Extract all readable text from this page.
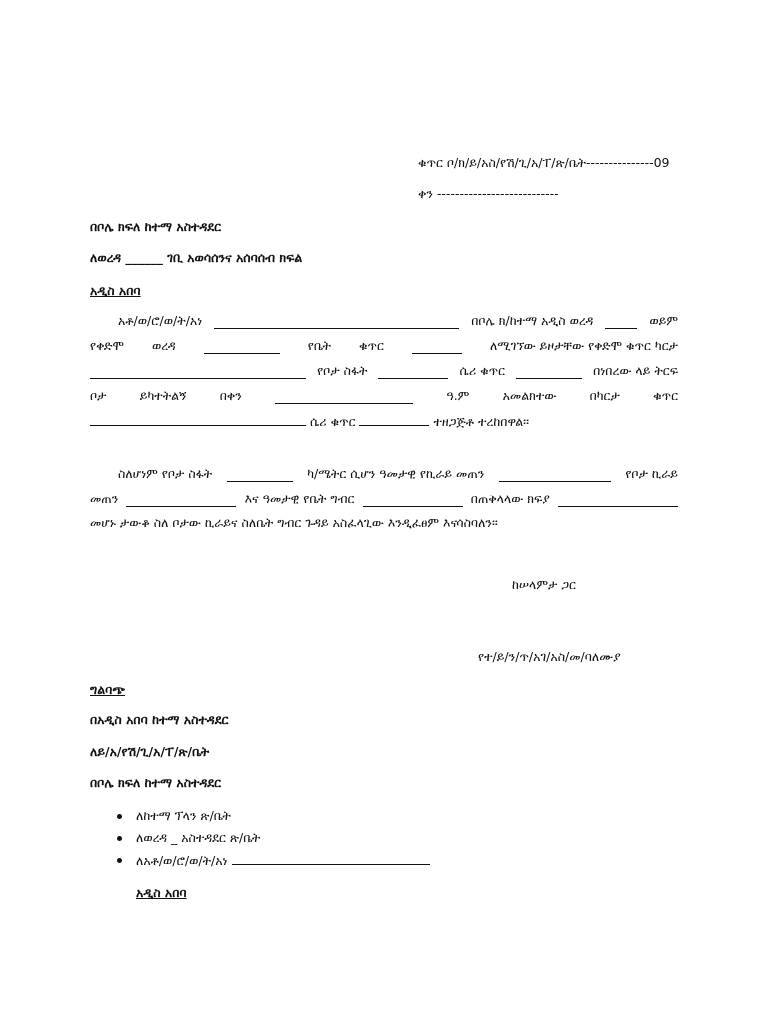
ቁጥር ቦ/ክ/ይ/አስ/የሽ/ጊ/አ/ፐ/ጽ/ቤት---------------09
ቀን ---------------------------
በቦሌ ክፍለ ከተማ አስተዳደር
ለወረዳ ______ ገቢ አወሳሰንና አሰባሰብ ክፍል
አዲስ አበባ
አቶ/ወ/ሮ/ወ/ት/አነ	በቦሌ ክ/ከተማ አዲስ ወረዳ	ወይም
የቀድሞ ወረዳ	የቤት ቁጥር	ለሚገኘው ይዞታቸው የቀድሞ ቁጥር ካርታ
የቦታ ስፋት	ሴሪ ቁጥር	በነበረው ላይ ትርፍ
ቦታ	ይካተትልኝ	በቀን	ዓ.ም	አመልክተው	በካርታ	ቁጥር
ሴሪ ቁጥር	ተዘጋጅቶ ተረከበዋል፡፡
ስለሆነም የቦታ ስፋት	ካ/ሜትር ሲሆን ዓመታዊ የኪራይ መጠን	የቦታ ኪራይ
መጠን	እና ዓመታዊ የቤት ግብር	በጠቅላላው ክፍያ
መሆኑ ታውቆ ስለ ቦታው ኪራይና ስለቤት ግብር ጉዳይ አስፈላጊው እንዲፈፀም እናሳስባለን፡፡
ከሠላምታ ጋር
የተ/ይ/ን/ጥ/አገ/አስ/መ/ባለሙያ
ግልባጭ
በአዲስ አበባ ከተማ አስተዳደር
ለይ/አ/የሽ/ጊ/አ/ፐ/ጽ/ቤት
በቦሌ ክፍለ ከተማ አስተዳደር
ለከተማ ፕላን ጽ/ቤት
ለወረዳ _ አስተዳደር ጽ/ቤት
ለአቶ/ወ/ሮ/ወ/ት/አነ
አዲስ አበባ
